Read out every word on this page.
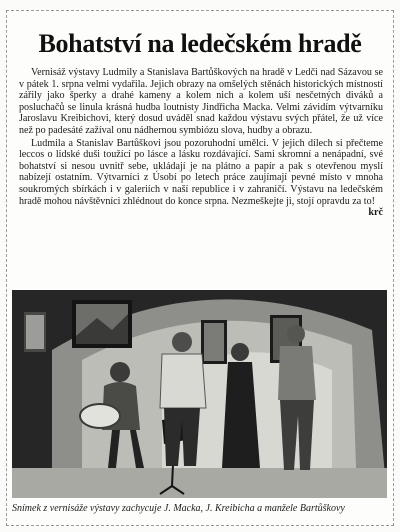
Bohatství na ledečském hradě

Vernisáž výstavy Ludmily a Stanislava Bartůškových na hradě v Ledči nad Sázavou se v pátek 1. srpna velmi vydařila. Jejich obrazy na omšelých stěnách historických místností zářily jako šperky a drahé kameny a kolem nich a kolem uší nesčetných diváků a posluchačů se linula krásná hudba loutnisty Jindřicha Macka. Velmi závidím výtvarníku Jaroslavu Kreibichovi, který dosud uváděl snad každou výstavu svých přátel, že už více než po padesáté zažíval onu nádhernou symbiózu slova, hudby a obrazu.

Ludmila a Stanislav Bartůškovi jsou pozoruhodní umělci. V jejich dílech si přečteme leccos o lidské duši toužící po lásce a lásku rozdávající. Sami skromní a nenápadní, své bohatství si nesou uvnitř sebe, ukládají je na plátno a papír a pak s otevřenou myslí nabízejí ostatním. Výtvarníci z Úsobí po letech práce zaujímají pevné místo v mnoha soukromých sbírkách i v galeriích v naší republice i v zahraničí. Výstavu na ledečském hradě mohou návštěvníci zhlédnout do konce srpna. Nezmeškejte ji, stojí opravdu za to!
krč

Snímek z vernisáže výstavy zachycuje J. Macka, J. Kreibicha a manžele Bartůškovy
